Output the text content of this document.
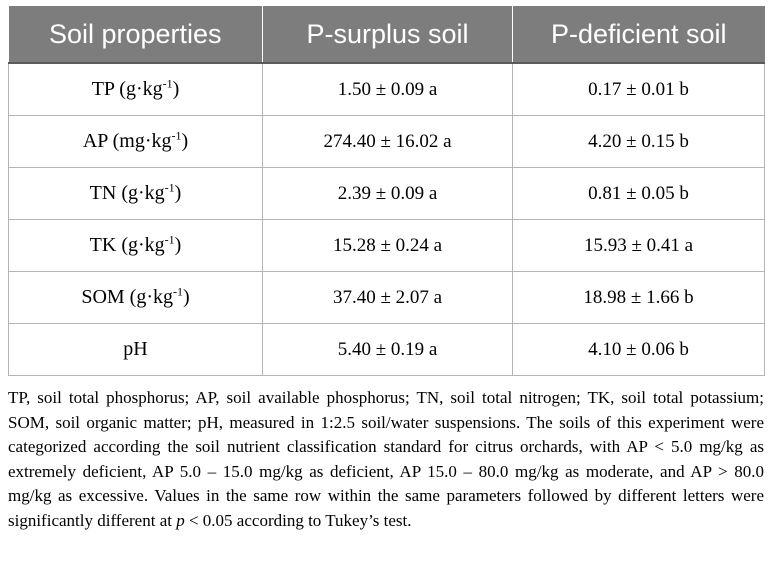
Soil properties	P-surplus soil	P-deficient soil
TP $(g\cdot kg^{-1})$	1.50 ± 0.09 a	0.17 ± 0.01 b
AP $(mg\cdot kg^{-1})$	274.40 ± 16.02 a	4.20 ± 0.15 b
TN $(g\cdot kg^{-1})$	2.39 ± 0.09 a	0.81 ± 0.05 b
TK $(g\cdot kg^{-1})$	15.28 ± 0.24 a	15.93 ± 0.41 a
SOM $(g\cdot kg^{-1})$	37.40 ± 2.07 a	18.98 ± 1.66 b
pH	5.40 ± 0.19 a	4.10 ± 0.06 b

TP, soil total phosphorus; AP, soil available phosphorus; TN, soil total nitrogen; TK, soil total potassium; SOM, soil organic matter; pH, measured in 1:2.5 soil/water suspensions. The soils of this experiment were categorized according the soil nutrient classification standard for citrus orchards, with AP < 5.0 mg/kg as extremely deficient, AP 5.0 – 15.0 mg/kg as deficient, AP 15.0 – 80.0 mg/kg as moderate, and AP > 80.0 mg/kg as excessive. Values in the same row within the same parameters followed by different letters were significantly different at p < 0.05 according to Tukey’s test.
